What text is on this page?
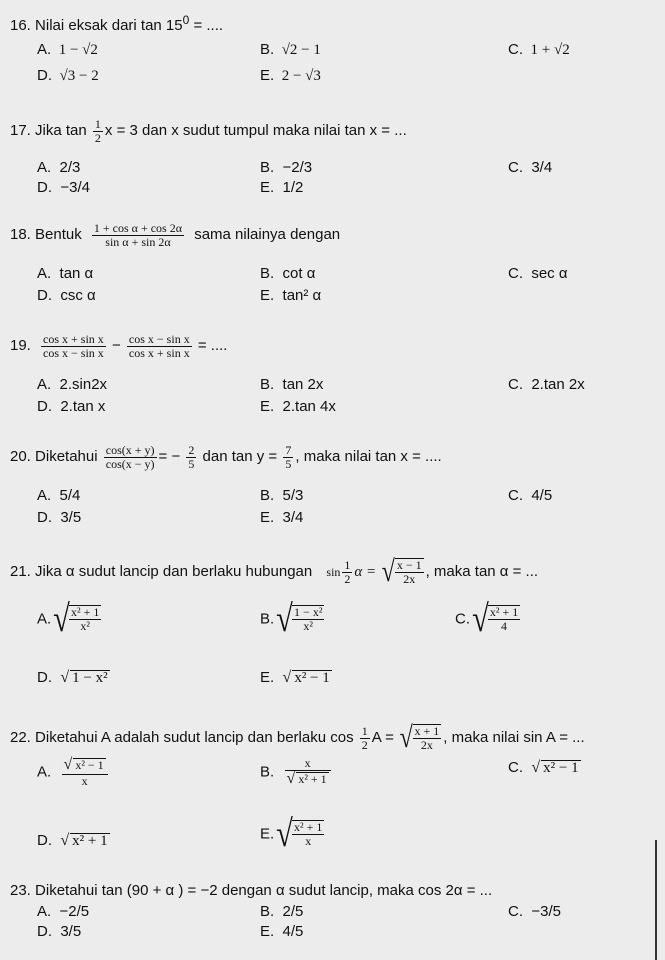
16. Nilai eksak dari $\tan 15^0$ = ....
A. 1 − √2	B. √2 − 1	C. 1 + √2
D. √3 − 2	E. 2 − √3
17. Jika $\tan \frac{1}{2}$ x = 3 dan x sudut tumpul maka nilai tan x = ...
A. 2/3	B. −2/3	C. 3/4
D. −3/4	E. 1/2
18. Bentuk $\frac{\text{1 + cos α + cos 2α}}{\text{sin α + sin 2α}}$ sama nilainya dengan
A. tan α	B. cot α	C. sec α
D. csc α	E. tan² α
19. $\frac{\text{cos x + sin x}}{\text{cos x − sin x}} - \frac{\text{cos x − sin x}}{\text{cos x + sin x}}$ = ....
A. 2.sin2x	B. tan 2x	C. 2.tan 2x
D. 2.tan x	E. 2.tan 4x
20. Diketahui $\frac{\cos(x + y)}{\cos(x - y)}$ = − $\frac{2}{5}$ dan $\tan y = \frac{7}{5}$ , maka nilai tan x = ....
A. 5/4	B. 5/3	C. 4/5
D. 3/5	E. 3/4
21. Jika α sudut lancip dan berlaku hubungan $\sin \frac{1}{2}$ α = √ $\frac{x - 1}{2x}$ , maka tan α = ...
$A.√ \frac{\text{x² + 1}}{\text{x²}}$	$B.√ \frac{\text{1 − x²}}{\text{x²}}$	$C.√ \frac{\text{x² + 1}}{4}$
D. √ 1 − x²	E. √ x² − 1
22. Diketahui A adalah sudut lancip dan berlaku $\cos \frac{1}{2}$ A = √ $\frac{x + 1}{2x}$ , maka nilai sin A = ...
A. $\frac{\text{√ x² − 1}}{x}$	B. $\frac{x}{\text{√ x² + 1}}$	C. √ x² − 1
D. √ x² + 1	$E.√ \frac{\text{x² + 1}}{x}$
23. Diketahui tan (90 + α ) = −2 dengan α sudut lancip, maka cos 2α = ...
A. −2/5	B. 2/5	C. −3/5
D. 3/5	E. 4/5
